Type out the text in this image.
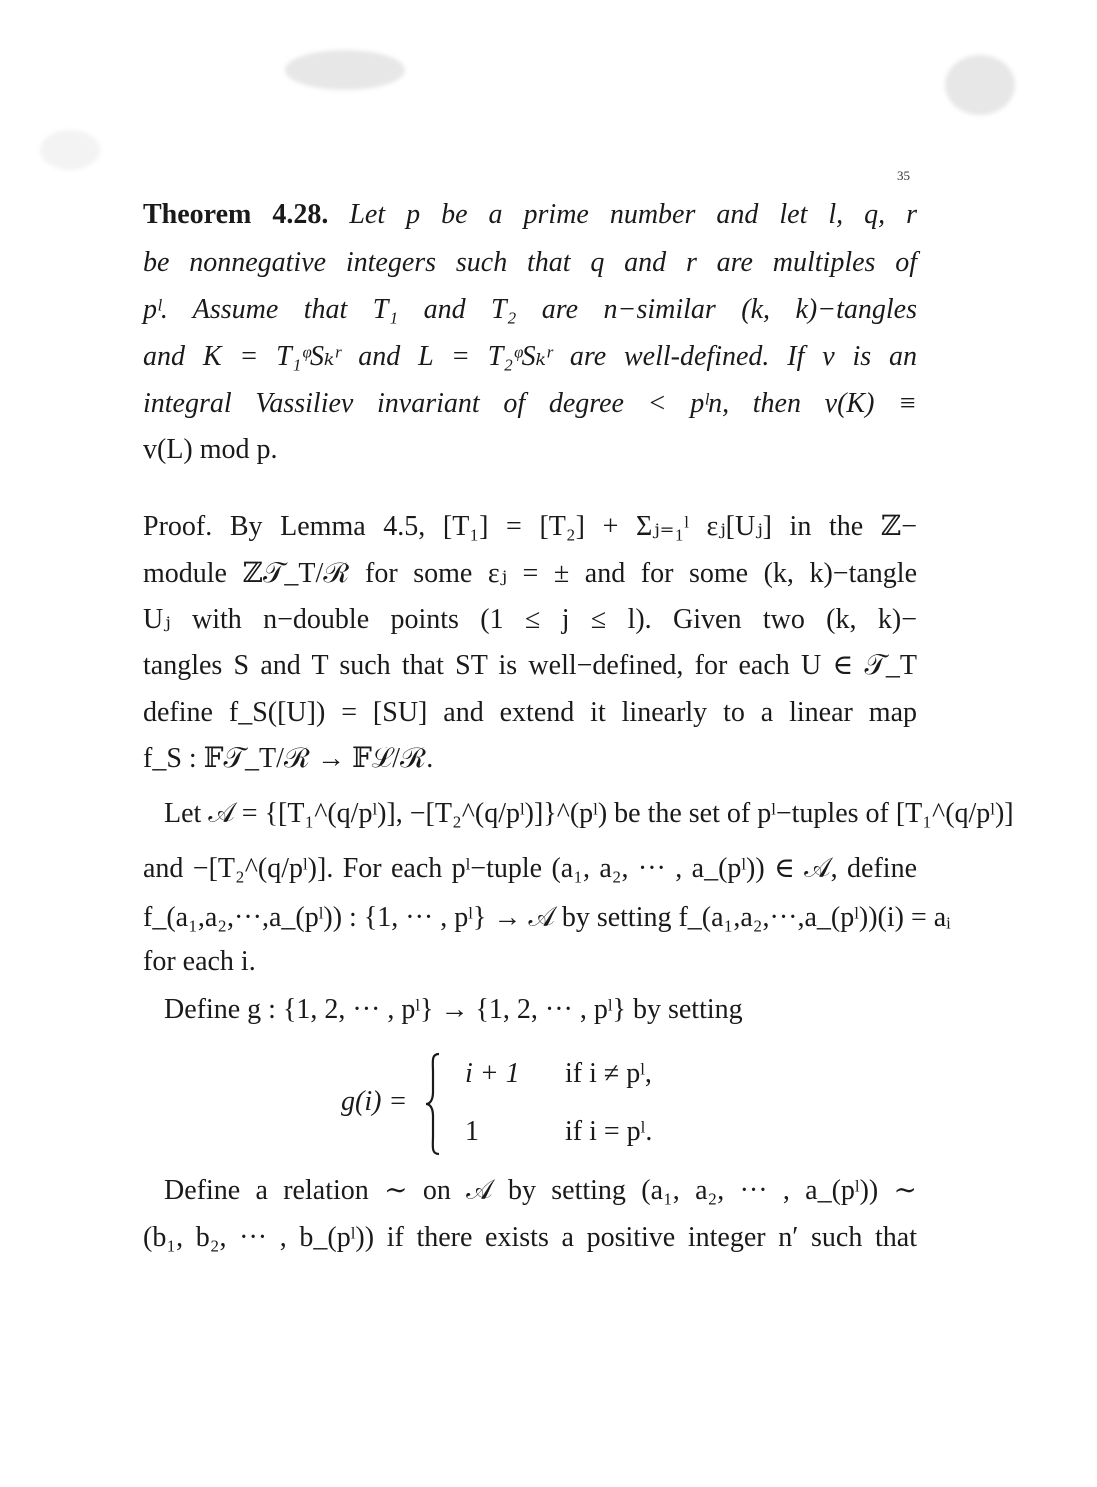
35
Theorem 4.28. Let p be a prime number and let l, q, r
be nonnegative integers such that q and r are multiples of
pˡ. Assume that T₁ and T₂ are n−similar (k, k)−tangles
and K = T₁ᵠSₖʳ and L = T₂ᵠSₖʳ are well-defined. If v is an
integral Vassiliev invariant of degree < pˡn, then v(K) ≡
v(L) mod p.
Proof. By Lemma 4.5, [T₁] = [T₂] + Σⱼ₌₁ˡ εⱼ[Uⱼ] in the ℤ−
module ℤ𝒯_T/ℛ for some εⱼ = ± and for some (k, k)−tangle
Uⱼ with n−double points (1 ≤ j ≤ l). Given two (k, k)−
tangles S and T such that ST is well−defined, for each U ∈ 𝒯_T
define f_S([U]) = [SU] and extend it linearly to a linear map
f_S : 𝔽𝒯_T/ℛ → 𝔽ℒ/ℛ.
Let 𝒜 = {[T₁^(q/pˡ)], −[T₂^(q/pˡ)]}^(pˡ) be the set of pˡ−tuples of [T₁^(q/pˡ)]
and −[T₂^(q/pˡ)]. For each pˡ−tuple (a₁, a₂, ··· , a_(pˡ)) ∈ 𝒜, define
f_(a₁,a₂,···,a_(pˡ)) : {1, ··· , pˡ} → 𝒜 by setting f_(a₁,a₂,···,a_(pˡ))(i) = aᵢ
for each i.
Define g : {1, 2, ··· , pˡ} → {1, 2, ··· , pˡ} by setting
g(i) =
i + 1 if i ≠ pˡ,
1	if i = pˡ.
Define a relation ∼ on 𝒜 by setting (a₁, a₂, ··· , a_(pˡ)) ∼
(b₁, b₂, ··· , b_(pˡ)) if there exists a positive integer n′ such that
